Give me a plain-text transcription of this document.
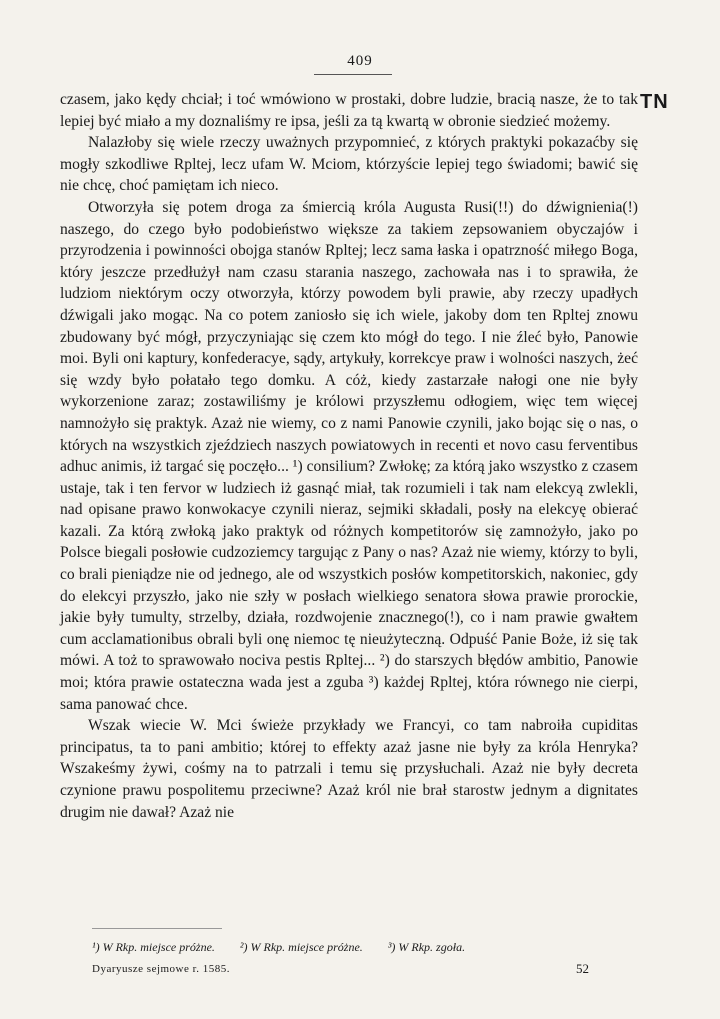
409
TN

czasem, jako kędy chciał; i toć wmówiono w prostaki, dobre ludzie, bracią nasze, że to tak lepiej być miało a my doznaliśmy re ipsa, jeśli za tą kwartą w obronie siedzieć możemy.

Nalazłoby się wiele rzeczy uważnych przypomnieć, z których praktyki pokazaćby się mogły szkodliwe Rpltej, lecz ufam W. Mciom, którzyście lepiej tego świadomi; bawić się nie chcę, choć pamiętam ich nieco.

Otworzyła się potem droga za śmiercią króla Augusta Rusi(!!) do dźwignienia(!) naszego, do czego było podobieństwo większe za takiem zepsowaniem obyczajów i przyrodzenia i powinności obojga stanów Rpltej; lecz sama łaska i opatrzność miłego Boga, który jeszcze przedłużył nam czasu starania naszego, zachowała nas i to sprawiła, że ludziom niektórym oczy otworzyła, którzy powodem byli prawie, aby rzeczy upadłych dźwigali jako mogąc. Na co potem zaniosło się ich wiele, jakoby dom ten Rpltej znowu zbudowany być mógł, przyczyniając się czem kto mógł do tego. I nie źleć było, Panowie moi. Byli oni kaptury, konfederacye, sądy, artykuły, korrekcye praw i wolności naszych, żeć się wzdy było połatało tego domku. A cóż, kiedy zastarzałe nałogi one nie były wykorzenione zaraz; zostawiliśmy je królowi przyszłemu odłogiem, więc tem więcej namnożyło się praktyk. Azaż nie wiemy, co z nami Panowie czynili, jako bojąc się o nas, o których na wszystkich zjeździech naszych powiatowych in recenti et novo casu ferventibus adhuc animis, iż targać się poczęło... ¹) consilium? Zwłokę; za którą jako wszystko z czasem ustaje, tak i ten fervor w ludziech iż gasnąć miał, tak rozumieli i tak nam elekcyą zwlekli, nad opisane prawo konwokacye czynili nieraz, sejmiki składali, posły na elekcyę obierać kazali. Za którą zwłoką jako praktyk od różnych kompetitorów się zamnożyło, jako po Polsce biegali posłowie cudzoziemcy targując z Pany o nas? Azaż nie wiemy, którzy to byli, co brali pieniądze nie od jednego, ale od wszystkich posłów kompetitorskich, nakoniec, gdy do elekcyi przyszło, jako nie szły w posłach wielkiego senatora słowa prawie prorockie, jakie były tumulty, strzelby, działa, rozdwojenie znacznego(!), co i nam prawie gwałtem cum acclamationibus obrali byli onę niemoc tę nieużyteczną. Odpuść Panie Boże, iż się tak mówi. A toż to sprawowało nociva pestis Rpltej... ²) do starszych błędów ambitio, Panowie moi; która prawie ostateczna wada jest a zguba ³) każdej Rpltej, która równego nie cierpi, sama panować chce.

Wszak wiecie W. Mci świeże przykłady we Francyi, co tam nabroiła cupiditas principatus, ta to pani ambitio; której to effekty azaż jasne nie były za króla Henryka? Wszakeśmy żywi, cośmy na to patrzali i temu się przysłuchali. Azaż nie były decreta czynione prawu pospolitemu przeciwne? Azaż król nie brał starostw jednym a dignitates drugim nie dawał? Azaż nie

¹) W Rkp. miejsce próżne. ²) W Rkp. miejsce próżne. ³) W Rkp. zgoła.
Dyaryusze sejmowe r. 1585.	52
